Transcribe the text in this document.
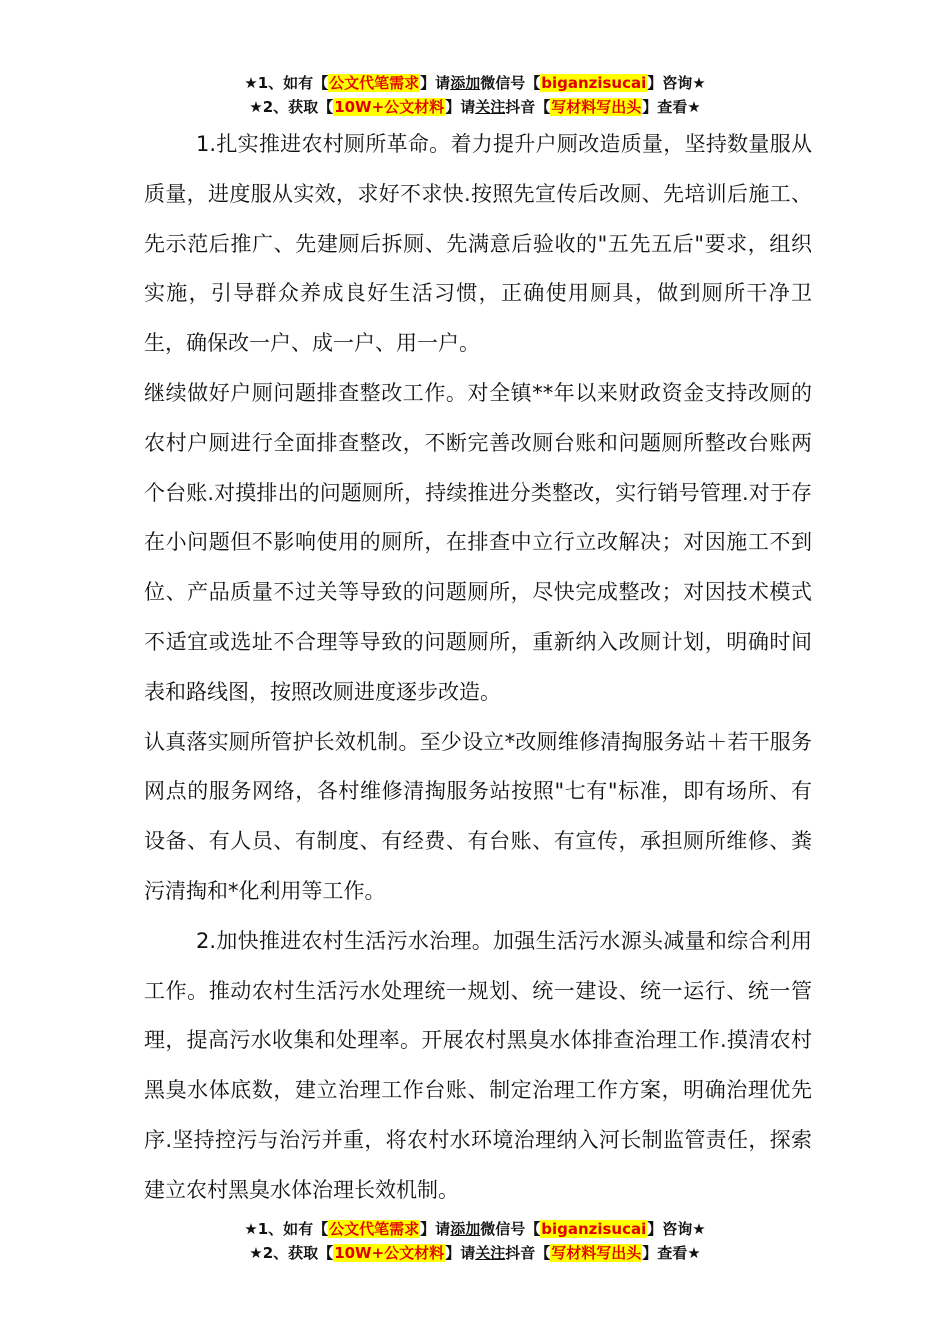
★1、如有【公文代笔需求】请添加微信号【biganzisucai】咨询★
★2、获取【10W+公文材料】请关注抖音【写材料写出头】查看★

1.扎实推进农村厕所革命。着力提升户厕改造质量，坚持数量服从质量，进度服从实效，求好不求快.按照先宣传后改厕、先培训后施工、先示范后推广、先建厕后拆厕、先满意后验收的"五先五后"要求，组织实施，引导群众养成良好生活习惯，正确使用厕具，做到厕所干净卫生，确保改一户、成一户、用一户。

继续做好户厕问题排查整改工作。对全镇**年以来财政资金支持改厕的农村户厕进行全面排查整改，不断完善改厕台账和问题厕所整改台账两个台账.对摸排出的问题厕所，持续推进分类整改，实行销号管理.对于存在小问题但不影响使用的厕所，在排查中立行立改解决；对因施工不到位、产品质量不过关等导致的问题厕所，尽快完成整改；对因技术模式不适宜或选址不合理等导致的问题厕所，重新纳入改厕计划，明确时间表和路线图，按照改厕进度逐步改造。

认真落实厕所管护长效机制。至少设立*改厕维修清掏服务站＋若干服务网点的服务网络，各村维修清掏服务站按照"七有"标准，即有场所、有设备、有人员、有制度、有经费、有台账、有宣传，承担厕所维修、粪污清掏和*化利用等工作。

2.加快推进农村生活污水治理。加强生活污水源头减量和综合利用工作。推动农村生活污水处理统一规划、统一建设、统一运行、统一管理，提高污水收集和处理率。开展农村黑臭水体排查治理工作.摸清农村黑臭水体底数，建立治理工作台账、制定治理工作方案，明确治理优先序.坚持控污与治污并重，将农村水环境治理纳入河长制监管责任，探索建立农村黑臭水体治理长效机制。

★1、如有【公文代笔需求】请添加微信号【biganzisucai】咨询★
★2、获取【10W+公文材料】请关注抖音【写材料写出头】查看★
